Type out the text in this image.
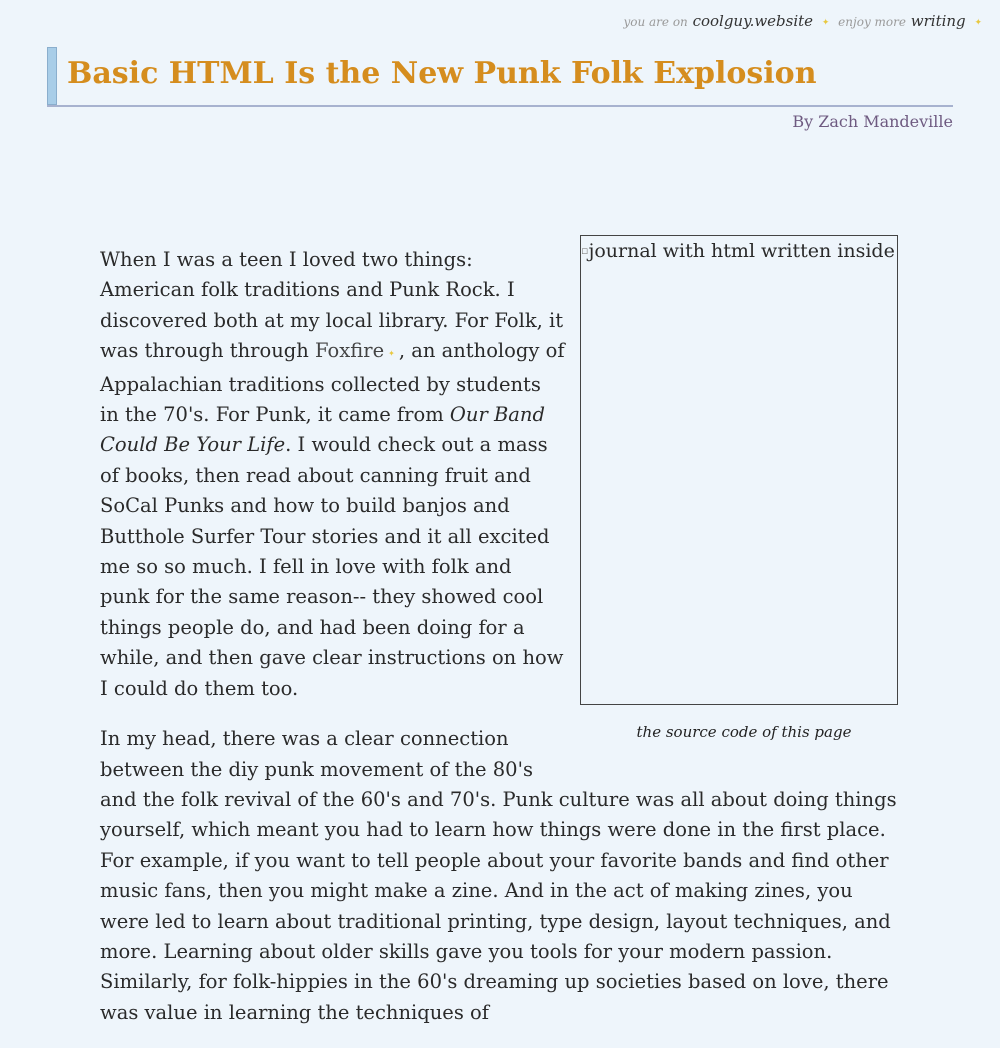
you are on coolguy.website ✦ enjoy more writing ✦
Basic HTML Is the New Punk Folk Explosion
By Zach Mandeville
▫journal with html written inside
the source code of this page

When I was a teen I loved two things: American folk traditions and Punk Rock. I discovered both at my local library. For Folk, it was through through Foxfire ✦ , an anthology of Appalachian traditions collected by students in the 70's. For Punk, it came from Our Band Could Be Your Life. I would check out a mass of books, then read about canning fruit and SoCal Punks and how to build banjos and Butthole Surfer Tour stories and it all excited me so so much. I fell in love with folk and punk for the same reason-- they showed cool things people do, and had been doing for a while, and then gave clear instructions on how I could do them too.

In my head, there was a clear connection between the diy punk movement of the 80's and the folk revival of the 60's and 70's. Punk culture was all about doing things yourself, which meant you had to learn how things were done in the first place. For example, if you want to tell people about your favorite bands and find other music fans, then you might make a zine. And in the act of making zines, you were led to learn about traditional printing, type design, layout techniques, and more. Learning about older skills gave you tools for your modern passion. Similarly, for folk-hippies in the 60's dreaming up societies based on love, there was value in learning the techniques of
